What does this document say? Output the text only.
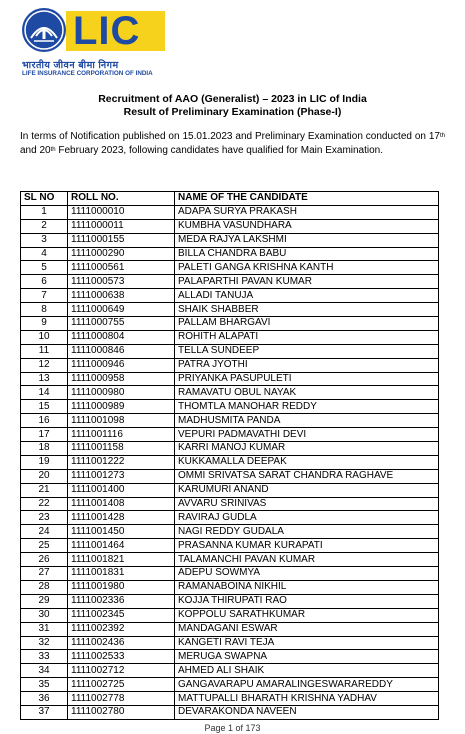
LIC
भारतीय जीवन बीमा निगम
LIFE INSURANCE CORPORATION OF INDIA
Recruitment of AAO (Generalist) – 2023 in LIC of India
Result of Preliminary Examination (Phase-I)
In terms of Notification published on 15.01.2023 and Preliminary Examination conducted on 17th and 20th February 2023, following candidates have qualified for Main Examination.
SL NO	ROLL NO.	NAME OF THE CANDIDATE
1	1111000010	ADAPA SURYA PRAKASH
2	1111000011	KUMBHA VASUNDHARA
3	1111000155	MEDA RAJYA LAKSHMI
4	1111000290	BILLA CHANDRA BABU
5	1111000561	PALETI GANGA KRISHNA KANTH
6	1111000573	PALAPARTHI PAVAN KUMAR
7	1111000638	ALLADI TANUJA
8	1111000649	SHAIK SHABBER
9	1111000755	PALLAM BHARGAVI
10	1111000804	ROHITH ALAPATI
11	1111000846	TELLA SUNDEEP
12	1111000946	PATRA JYOTHI
13	1111000958	PRIYANKA PASUPULETI
14	1111000980	RAMAVATU OBUL NAYAK
15	1111000989	THOMTLA MANOHAR REDDY
16	1111001098	MADHUSMITA PANDA
17	1111001116	VEPURI PADMAVATHI DEVI
18	1111001158	KARRI MANOJ KUMAR
19	1111001222	KUKKAMALLA DEEPAK
20	1111001273	OMMI SRIVATSA SARAT CHANDRA RAGHAVE
21	1111001400	KARUMURI ANAND
22	1111001408	AVVARU SRINIVAS
23	1111001428	RAVIRAJ GUDLA
24	1111001450	NAGI REDDY GUDALA
25	1111001464	PRASANNA KUMAR KURAPATI
26	1111001821	TALAMANCHI PAVAN KUMAR
27	1111001831	ADEPU SOWMYA
28	1111001980	RAMANABOINA NIKHIL
29	1111002336	KOJJA THIRUPATI RAO
30	1111002345	KOPPOLU SARATHKUMAR
31	1111002392	MANDAGANI ESWAR
32	1111002436	KANGETI RAVI TEJA
33	1111002533	MERUGA SWAPNA
34	1111002712	AHMED ALI SHAIK
35	1111002725	GANGAVARAPU AMARALINGESWARAREDDY
36	1111002778	MATTUPALLI BHARATH KRISHNA YADHAV
37	1111002780	DEVARAKONDA NAVEEN
Page 1 of 173
